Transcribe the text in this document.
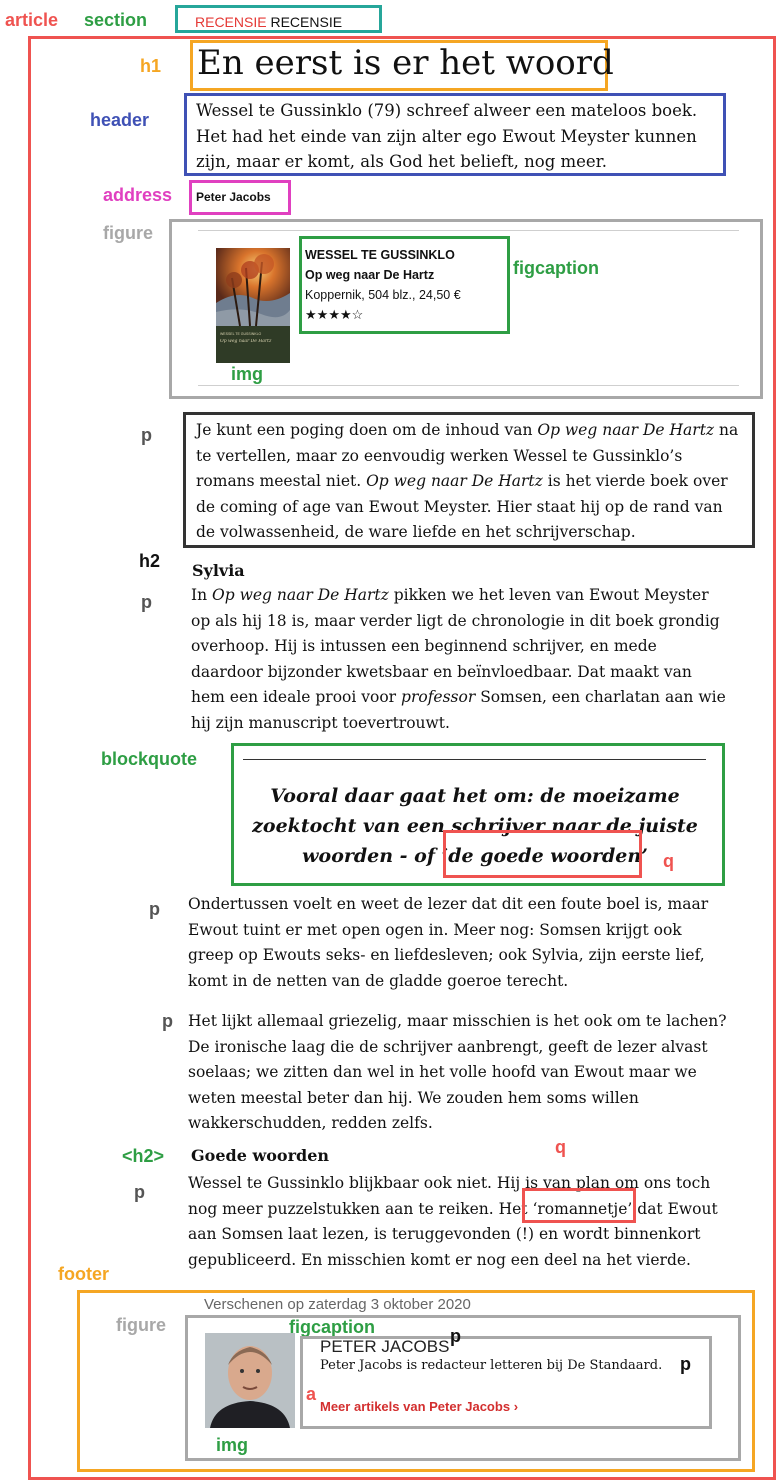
article section	RECENSIE RECENSIE
h1 En eerst is er het woord
header	Wessel te Gussinklo (79) schreef alweer een mateloos boek. Het had het einde van zijn alter ego Ewout Meyster kunnen zijn, maar er komt, als God het belieft, nog meer.
address Peter Jacobs
figure
WESSEL TE GUSSINKLO
Op weg naar De Hartz
figcaption
WESSEL TE GUSSINKLO
Op weg naar De Hartz
Koppernik, 504 blz., 24,50 €
★★★★☆
img
p	Je kunt een poging doen om de inhoud van Op weg naar De Hartz na te vertellen, maar zo eenvoudig werken Wessel te Gussinklo’s romans meestal niet. Op weg naar De Hartz is het vierde boek over de coming of age van Ewout Meyster. Hier staat hij op de rand van de volwassenheid, de ware liefde en het schrijverschap.
h2 Sylvia
p	In Op weg naar De Hartz pikken we het leven van Ewout Meyster op als hij 18 is, maar verder ligt de chronologie in dit boek grondig overhoop. Hij is intussen een beginnend schrijver, en mede daardoor bijzonder kwetsbaar en beïnvloedbaar. Dat maakt van hem een ideale prooi voor professor Somsen, een charlatan aan wie hij zijn manuscript toevertrouwt.
blockquote
Vooral daar gaat het om: de moeizame zoektocht van een schrijver naar de juiste woorden - of ‘de goede woorden’ q
p Ondertussen voelt en weet de lezer dat dit een foute boel is, maar Ewout tuint er met open ogen in. Meer nog: Somsen krijgt ook greep op Ewouts seks- en liefdesleven; ook Sylvia, zijn eerste lief, komt in de netten van de gladde goeroe terecht.
p Het lijkt allemaal griezelig, maar misschien is het ook om te lachen? De ironische laag die de schrijver aanbrengt, geeft de lezer alvast soelaas; we zitten dan wel in het volle hoofd van Ewout maar we weten meestal beter dan hij. We zouden hem soms willen wakkerschudden, redden zelfs.
<h2> Goede woorden	q
p	Wessel te Gussinklo blijkbaar ook niet. Hij is van plan om ons toch nog meer puzzelstukken aan te reiken. Het ‘romannetje’ dat Ewout aan Somsen laat lezen, is teruggevonden (!) en wordt binnenkort gepubliceerd. En misschien komt er nog een deel na het vierde.
footer
Verschenen op zaterdag 3 oktober 2020
figure
img
figcaption
PETER JACOBS
p
Peter Jacobs is redacteur letteren bij De Standaard. p
a
Meer artikels van Peter Jacobs ›
